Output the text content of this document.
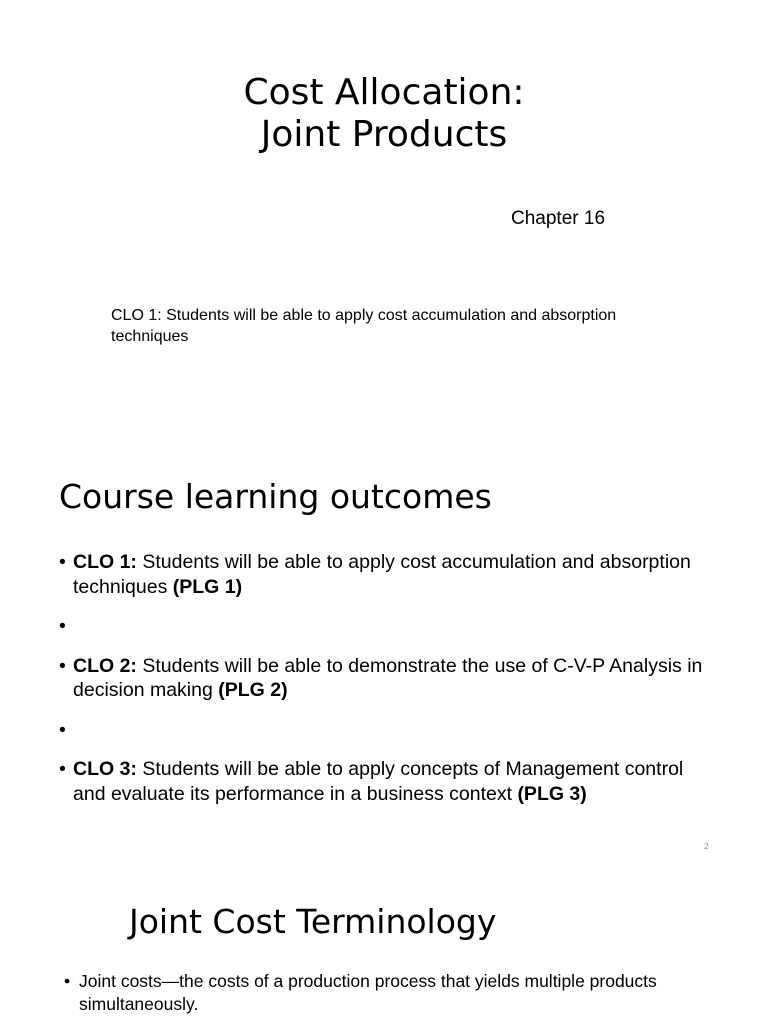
Cost Allocation:
Joint Products
Chapter 16
CLO 1: Students will be able to apply cost accumulation and absorption techniques
Course learning outcomes
• CLO 1: Students will be able to apply cost accumulation and absorption techniques (PLG 1)
•
• CLO 2: Students will be able to demonstrate the use of C-V-P Analysis in decision making (PLG 2)
•
• CLO 3: Students will be able to apply concepts of Management control and evaluate its performance in a business context (PLG 3)
2
Joint Cost Terminology
• Joint costs—the costs of a production process that yields multiple products simultaneously.
